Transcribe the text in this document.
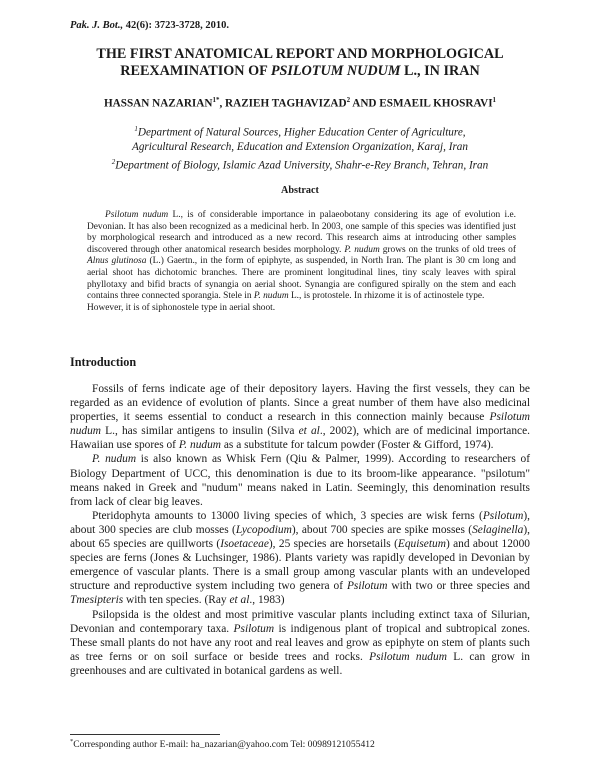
Pak. J. Bot., 42(6): 3723-3728, 2010.
THE FIRST ANATOMICAL REPORT AND MORPHOLOGICAL
REEXAMINATION OF PSILOTUM NUDUM L., IN IRAN
HASSAN $NAZARIAN^{1*}$, RAZIEH TAGHAVIZAD$^2$ AND ESMAEIL KHOSRAVI$^1$
$^1$Department of Natural Sources, Higher Education Center of Agriculture,
Agricultural Research, Education and Extension Organization, Karaj, Iran
$^2$Department of Biology, Islamic Azad University, Shahr-e-Rey Branch, Tehran, Iran
Abstract

Psilotum nudum L., is of considerable importance in palaeobotany considering its age of evolution i.e. Devonian. It has also been recognized as a medicinal herb. In 2003, one sample of this species was identified just by morphological research and introduced as a new record. This research aims at introducing other samples discovered through other anatomical research besides morphology. P. nudum grows on the trunks of old trees of Alnus glutinosa (L.) Gaertn., in the form of epiphyte, as suspended, in North Iran. The plant is 30 cm long and aerial shoot has dichotomic branches. There are prominent longitudinal lines, tiny scaly leaves with spiral phyllotaxy and bifid bracts of synangia on aerial shoot. Synangia are configured spirally on the stem and each contains three connected sporangia. Stele in P. nudum L., is protostele. In rhizome it is of actinostele type.

However, it is of siphonostele type in aerial shoot.

Introduction

Fossils of ferns indicate age of their depository layers. Having the first vessels, they can be regarded as an evidence of evolution of plants. Since a great number of them have also medicinal properties, it seems essential to conduct a research in this connection mainly because Psilotum nudum L., has similar antigens to insulin (Silva et al., 2002), which are of medicinal importance. Hawaiian use spores of P. nudum as a substitute for talcum powder (Foster & Gifford, 1974).

P. nudum is also known as Whisk Fern (Qiu & Palmer, 1999). According to researchers of Biology Department of UCC, this denomination is due to its broom-like appearance. "psilotum" means naked in Greek and "nudum" means naked in Latin. Seemingly, this denomination results from lack of clear big leaves.

Pteridophyta amounts to 13000 living species of which, 3 species are wisk ferns (Psilotum), about 300 species are club mosses (Lycopodium), about 700 species are spike mosses (Selaginella), about 65 species are quillworts (Isoetaceae), 25 species are horsetails (Equisetum) and about 12000 species are ferns (Jones & Luchsinger, 1986). Plants variety was rapidly developed in Devonian by emergence of vascular plants. There is a small group among vascular plants with an undeveloped structure and reproductive system including two genera of Psilotum with two or three species and Tmesipteris with ten species. (Ray et al., 1983)

Psilopsida is the oldest and most primitive vascular plants including extinct taxa of Silurian, Devonian and contemporary taxa. Psilotum is indigenous plant of tropical and subtropical zones. These small plants do not have any root and real leaves and grow as epiphyte on stem of plants such as tree ferns or on soil surface or beside trees and rocks. Psilotum nudum L. can grow in greenhouses and are cultivated in botanical gardens as well.

*Corresponding author E-mail: ha_nazarian@yahoo.com Tel: 00989121055412
